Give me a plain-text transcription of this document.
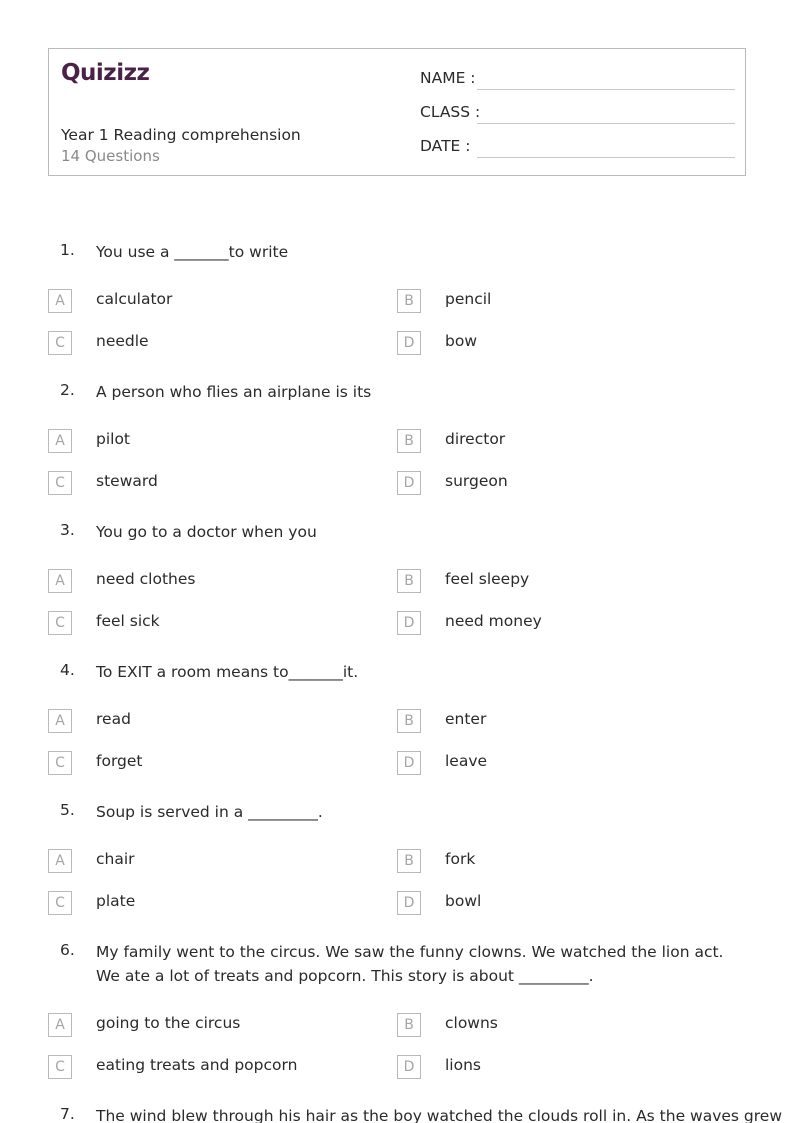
Quizizz
Year 1 Reading comprehension
14 Questions
NAME :
CLASS :
DATE :
1. You use a _______to write
A	calculator	B	pencil
C	needle	D	bow
2. A person who flies an airplane is its
A	pilot	B	director
C	steward	D	surgeon
3. You go to a doctor when you
A	need clothes	B	feel sleepy
C	feel sick	D	need money
4. To EXIT a room means to_______it.
A	read	B	enter
C	forget	D	leave
5. Soup is served in a _________.
A	chair	B	fork
C	plate	D	bowl
6. My family went to the circus. We saw the funny clowns. We watched the lion act. We ate a lot of treats and popcorn. This story is about _________.
A	going to the circus	B	clowns
C	eating treats and popcorn	D	lions
7. The wind blew through his hair as the boy watched the clouds roll in. As the waves grew
